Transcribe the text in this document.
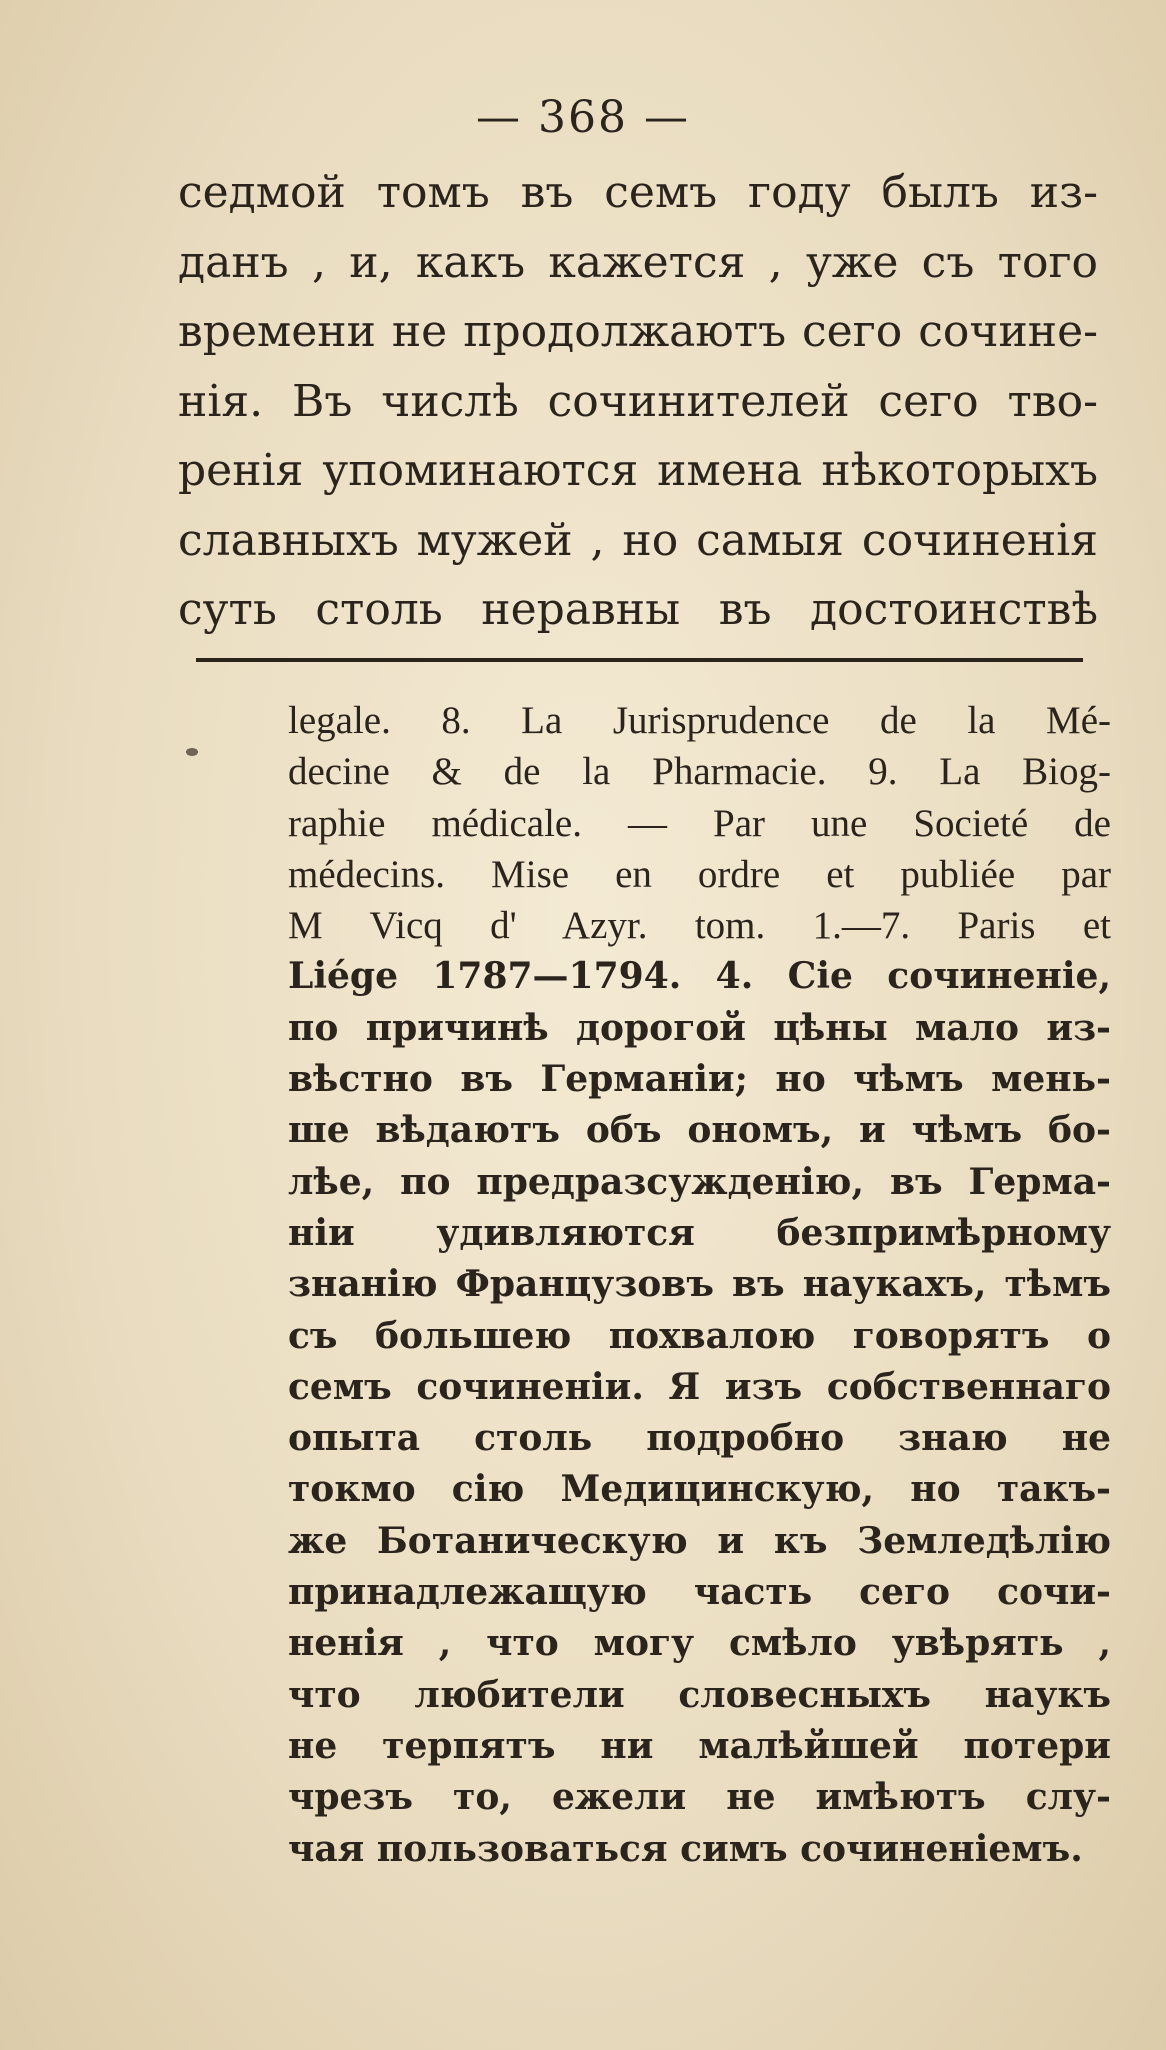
— 368 —
седмой томъ въ семъ году былъ из-
данъ , и, какъ кажется , уже съ того
времени не продолжаютъ сего сочине-
нія. Въ числѣ сочинителей сего тво-
ренія упоминаются имена нѣкоторыхъ
славныхъ мужей , но самыя сочиненія
суть столь неравны въ достоинствѣ
legale. 8. La Jurisprudence de la Mé-
decine & de la Pharmacie. 9. La Biog-
raphie médicale. — Par une Societé de
médecins. Mise en ordre et publiée par
M Vicq d' Azyr. tom. 1.—7. Paris et
Liége 1787—1794. 4. Cie сочиненіе,
по причинѣ дорогой цѣны мало из-
вѣстно въ Германіи; но чѣмъ мень-
ше вѣдаютъ объ ономъ, и чѣмъ бо-
лѣе, по предразсужденію, въ Герма-
ніи удивляются безпримѣрному
знанію Французовъ въ наукахъ, тѣмъ
съ большею похвалою говорятъ о
семъ сочиненіи. Я изъ собственнаго
опыта столь подробно знаю не
токмо сію Медицинскую, но такъ-
же Ботаническую и къ Земледѣлію
принадлежащую часть сего сочи-
ненія , что могу смѣло увѣрять ,
что любители словесныхъ наукъ
не терпятъ ни малѣйшей потери
чрезъ то, ежели не имѣютъ слу-
чая пользоваться симъ сочиненіемъ.
